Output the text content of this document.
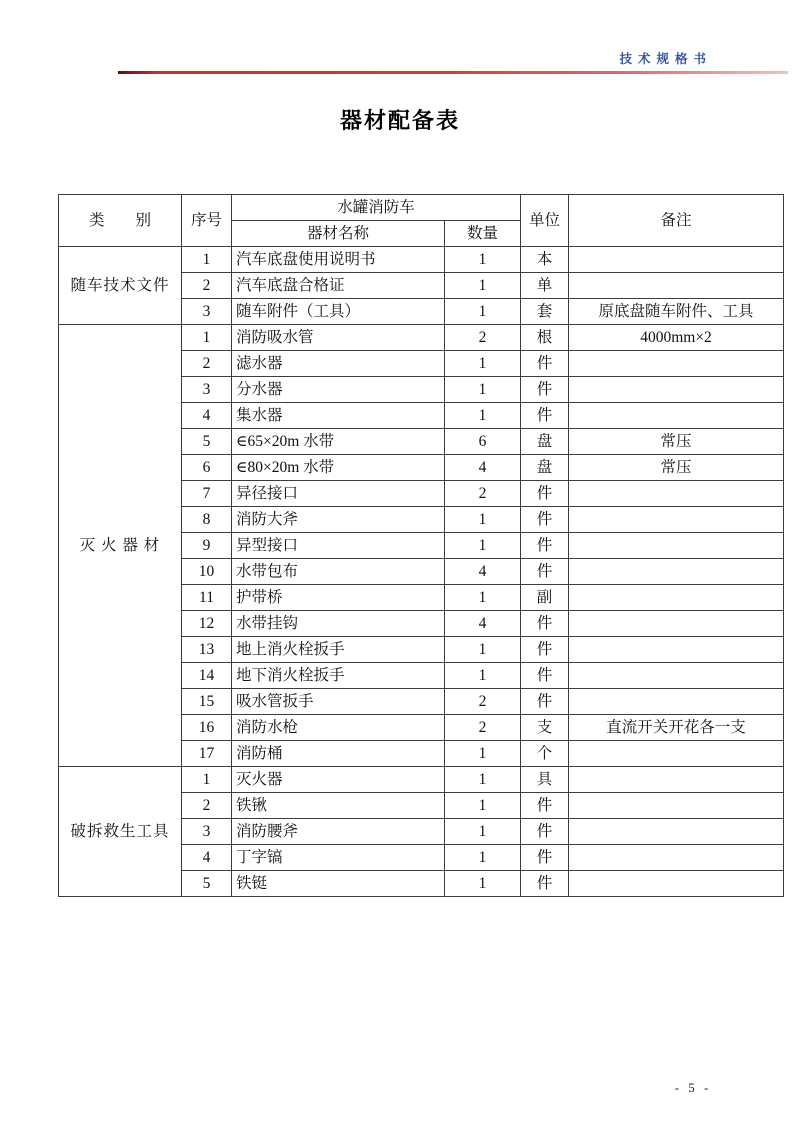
技术规格书
器材配备表
类　　别	序号	水罐消防车		单位	备注
		器材名称	数量		
随车技术文件	1	汽车底盘使用说明书	1	本	
	2	汽车底盘合格证	1	单	
	3	随车附件（工具）	1	套	原底盘随车附件、工具
灭 火 器 材	1	消防吸水管	2	根	4000mm×2
	2	滤水器	1	件	
	3	分水器	1	件	
	4	集水器	1	件	
	5	∈65×20m 水带	6	盘	常压
	6	∈80×20m 水带	4	盘	常压
	7	异径接口	2	件	
	8	消防大斧	1	件	
	9	异型接口	1	件	
	10	水带包布	4	件	
	11	护带桥	1	副	
	12	水带挂钩	4	件	
	13	地上消火栓扳手	1	件	
	14	地下消火栓扳手	1	件	
	15	吸水管扳手	2	件	
	16	消防水枪	2	支	直流开关开花各一支
	17	消防桶	1	个	
破拆救生工具	1	灭火器	1	具	
	2	铁锹	1	件	
	3	消防腰斧	1	件	
	4	丁字镐	1	件	
	5	铁铤	1	件	
- 5 -
